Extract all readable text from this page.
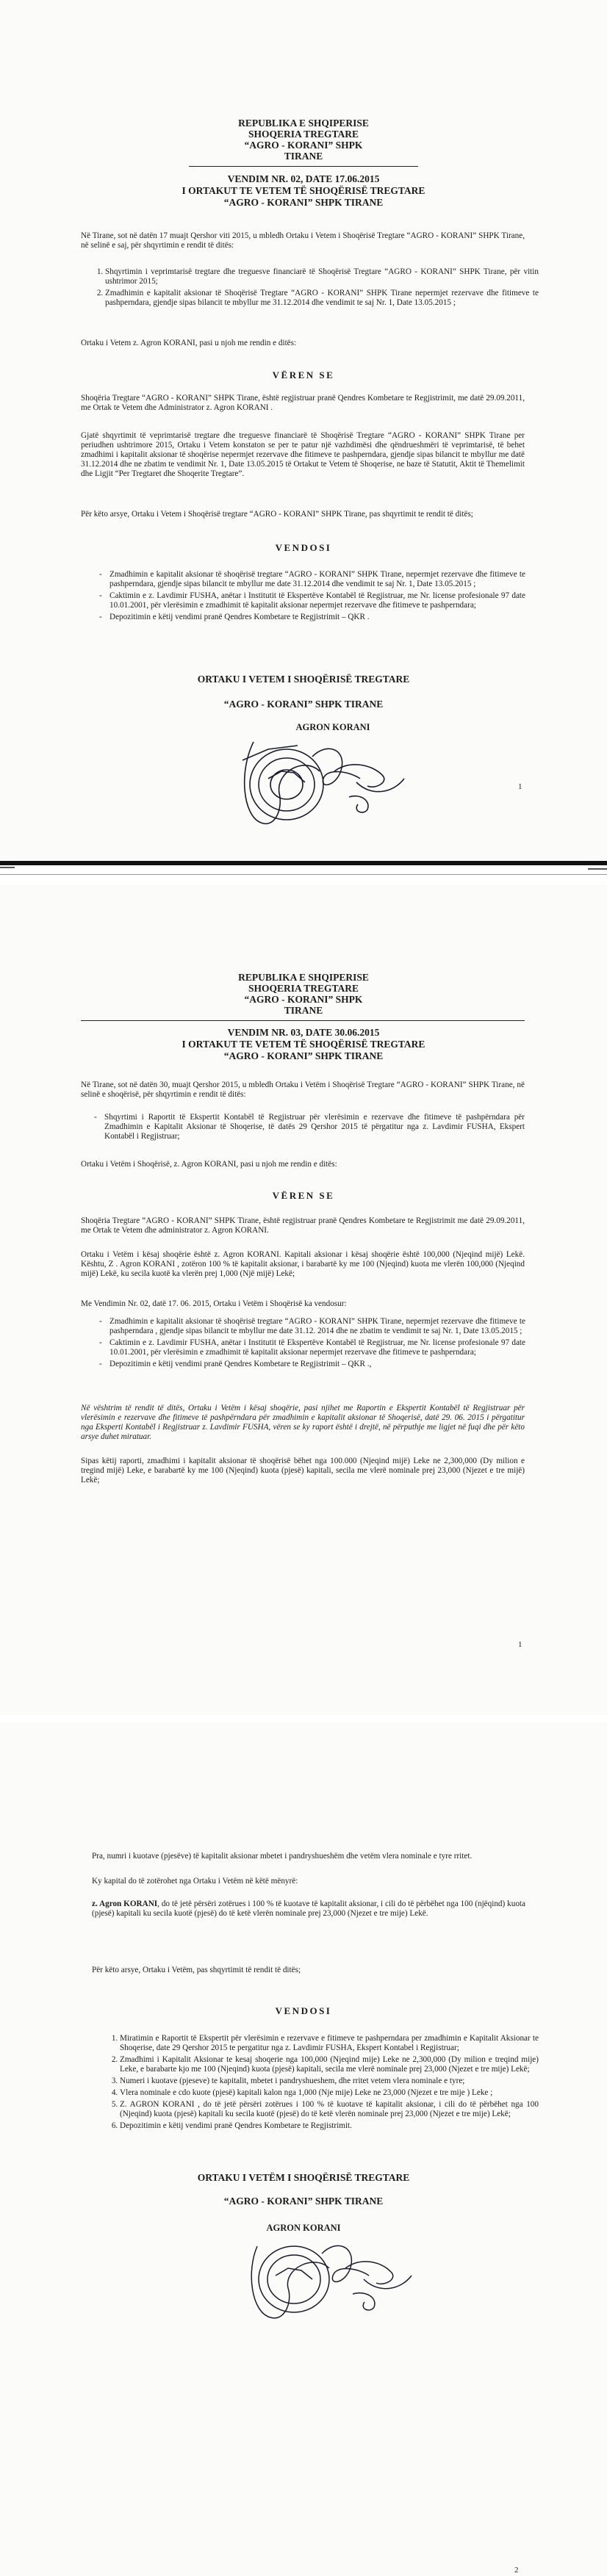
REPUBLIKA E SHQIPERISE
SHOQERIA TREGTARE
“AGRO - KORANI” SHPK
TIRANE
VENDIM NR. 02, DATE 17.06.2015
I ORTAKUT TE VETEM TË SHOQËRISË TREGTARE
“AGRO - KORANI” SHPK TIRANE

Në Tirane, sot në datën 17 muajt Qershor viti 2015, u mbledh Ortaku i Vetem i Shoqërisë Tregtare “AGRO - KORANI” SHPK Tirane, në selinë e saj, për shqyrtimin e rendit të ditës:

1. Shqyrtimin i veprimtarisë tregtare dhe treguesve financiarë të Shoqërisë Tregtare “AGRO - KORANI” SHPK Tirane, për vitin ushtrimor 2015;
2. Zmadhimin e kapitalit aksionar të Shoqërisë Tregtare “AGRO - KORANI” SHPK Tirane nepermjet rezervave dhe fitimeve te pashperndara, gjendje sipas bilancit te mbyllur me 31.12.2014 dhe vendimit te saj Nr. 1, Date 13.05.2015 ;

Ortaku i Vetem z. Agron KORANI, pasi u njoh me rendin e ditës:

VËREN SE

Shoqëria Tregtare “AGRO - KORANI” SHPK Tirane, është regjistruar pranë Qendres Kombetare te Regjistrimit, me datë 29.09.2011, me Ortak te Vetem dhe Administrator z. Agron KORANI .

Gjatë shqyrtimit të veprimtarisë tregtare dhe treguesve financiarë të Shoqërisë Tregtare “AGRO - KORANI” SHPK Tirane per periudhen ushtrimore 2015, Ortaku i Vetem konstaton se per te patur një vazhdimësi dhe qëndrueshmëri të veprimtarisë, të behet zmadhimi i kapitalit aksionar të shoqërise nepermjet rezervave dhe fitimeve te pashperndara, gjendje sipas bilancit te mbyllur me datë 31.12.2014 dhe ne zbatim te vendimit Nr. 1, Date 13.05.2015 të Ortakut te Vetem të Shoqerise, ne baze të Statutit, Aktit të Themelimit dhe Ligjit “Per Tregtaret dhe Shoqerite Tregtare”.

Për këto arsye, Ortaku i Vetem i Shoqërisë tregtare “AGRO - KORANI” SHPK Tirane, pas shqyrtimit te rendit të ditës;

VENDOSI
- Zmadhimin e kapitalit aksionar të shoqërisë tregtare “AGRO - KORANI” SHPK Tirane, nepermjet rezervave dhe fitimeve te pashperndara, gjendje sipas bilancit te mbyllur me date 31.12.2014 dhe vendimit te saj Nr. 1, Date 13.05.2015 ;
- Caktimin e z. Lavdimir FUSHA, anëtar i Institutit të Ekspertëve Kontabël të Regjistruar, me Nr. license profesionale 97 date 10.01.2001, për vlerësimin e zmadhimit të kapitalit aksionar nepermjet rezervave dhe fitimeve te pashperndara;
- Depozitimin e këtij vendimi pranë Qendres Kombetare te Regjistrimit – QKR .
ORTAKU I VETEM I SHOQËRISË TREGTARE
“AGRO - KORANI” SHPK TIRANE
AGRON KORANI
1
REPUBLIKA E SHQIPERISE
SHOQERIA TREGTARE
“AGRO - KORANI” SHPK
TIRANE
VENDIM NR. 03, DATE 30.06.2015
I ORTAKUT TE VETEM TË SHOQËRISË TREGTARE
“AGRO - KORANI” SHPK TIRANE

Në Tirane, sot në datën 30, muajt Qershor 2015, u mbledh Ortaku i Vetëm i Shoqërisë Tregtare “AGRO - KORANI” SHPK Tirane, në selinë e shoqërisë, për shqyrtimin e rendit të ditës:

- Shqyrtimi i Raportit të Ekspertit Kontabël të Regjistruar për vlerësimin e rezervave dhe fitimeve të pashpërndara për Zmadhimin e Kapitalit Aksionar të Shoqerise, të datës 29 Qershor 2015 të përgatitur nga z. Lavdimir FUSHA, Ekspert Kontabël i Regjistruar;

Ortaku i Vetëm i Shoqërisë, z. Agron KORANI, pasi u njoh me rendin e ditës:

VËREN SE

Shoqëria Tregtare “AGRO - KORANI” SHPK Tirane, është regjistruar pranë Qendres Kombetare te Regjistrimit me datë 29.09.2011, me Ortak te Vetem dhe administrator z. Agron KORANI.

Ortaku i Vetëm i kësaj shoqërie është z. Agron KORANI. Kapitali aksionar i kësaj shoqërie është 100,000 (Njeqind mijë) Lekë. Kështu, Z . Agron KORANI , zotëron 100 % të kapitalit aksionar, i barabartë ky me 100 (Njeqind) kuota me vlerën 100,000 (Njeqind mijë) Lekë, ku secila kuotë ka vlerën prej 1,000 (Një mijë) Lekë;

Me Vendimin Nr. 02, datë 17. 06. 2015, Ortaku i Vetëm i Shoqërisë ka vendosur:

- Zmadhimin e kapitalit aksionar të shoqërisë tregtare “AGRO - KORANI” SHPK Tirane, nepermjet rezervave dhe fitimeve te pashperndara , gjendje sipas bilancit te mbyllur me date 31.12. 2014 dhe ne zbatim te vendimit te saj Nr. 1, Date 13.05.2015 ;
- Caktimin e z. Lavdimir FUSHA, anëtar i Institutit të Ekspertëve Kontabël të Regjistruar, me Nr. license profesionale 97 date 10.01.2001, për vlerësimin e zmadhimit të kapitalit aksionar nepermjet rezervave dhe fitimeve te pashperndara;
- Depozitimin e këtij vendimi pranë Qendres Kombetare te Regjistrimit – QKR .,

Në vështrim të rendit të ditës, Ortaku i Vetëm i kësaj shoqërie, pasi njihet me Raportin e Ekspertit Kontabël të Regjistruar për vlerësimin e rezervave dhe fitimeve të pashpërndara për zmadhimin e kapitalit aksionar të Shoqerisë, datë 29. 06. 2015 i përgatitur nga Eksperti Kontabël i Regjistruar z. Lavdimir FUSHA, vëren se ky raport është i drejtë, në përputhje me ligjet në fuqi dhe për këto arsye duhet miratuar.

Sipas këtij raporti, zmadhimi i kapitalit aksionar të shoqërisë bëhet nga 100.000 (Njeqind mijë) Leke ne 2,300,000 (Dy milion e tregind mijë) Leke, e barabartë ky me 100 (Njeqind) kuota (pjesë) kapitali, secila me vlerë nominale prej 23,000 (Njezet e tre mijë) Lekë;

1

Pra, numri i kuotave (pjesëve) të kapitalit aksionar mbetet i pandryshueshëm dhe vetëm vlera nominale e tyre rritet.

Ky kapital do të zotërohet nga Ortaku i Vetëm në këtë mënyrë:

z. Agron KORANI, do të jetë përsëri zotërues i 100 % të kuotave të kapitalit aksionar, i cili do të përbëhet nga 100 (njëqind) kuota (pjesë) kapitali ku secila kuotë (pjesë) do të ketë vlerën nominale prej 23,000 (Njezet e tre mije) Lekë.

Për këto arsye, Ortaku i Vetëm, pas shqyrtimit të rendit të ditës;

VENDOSI
1. Miratimin e Raportit të Ekspertit për vlerësimin e rezervave e fitimeve te pashperndara per zmadhimin e Kapitalit Aksionar te Shoqerise, date 29 Qershor 2015 te pergatitur nga z. Lavdimir FUSHA, Ekspert Kontabel i Regjistruar;
2. Zmadhimi i Kapitalit Aksionar te kesaj shoqerie nga 100,000 (Njeqind mije) Leke ne 2,300,000 (Dy milion e treqind mije) Leke, e barabarte kjo me 100 (Njeqind) kuota (pjesë) kapitali, secila me vlerë nominale prej 23,000 (Njezet e tre mije) Lekë;
3. Numeri i kuotave (pjeseve) te kapitalit, mbetet i pandryshueshem, dhe rritet vetem vlera nominale e tyre;
4. Vlera nominale e cdo kuote (pjesë) kapitali kalon nga 1,000 (Nje mije) Leke ne 23,000 (Njezet e tre mije ) Leke ;
5. Z. AGRON KORANI , do të jetë përsëri zotërues i 100 % të kuotave të kapitalit aksionar, i cili do të përbëhet nga 100 (Njeqind) kuota (pjesë) kapitali ku secila kuotë (pjesë) do të ketë vlerën nominale prej 23,000 (Njezet e tre mije) Lekë;
6. Depozitimin e këtij vendimi pranë Qendres Kombetare te Regjistrimit.
ORTAKU I VETËM I SHOQËRISË TREGTARE
“AGRO - KORANI” SHPK TIRANE
AGRON KORANI
2
